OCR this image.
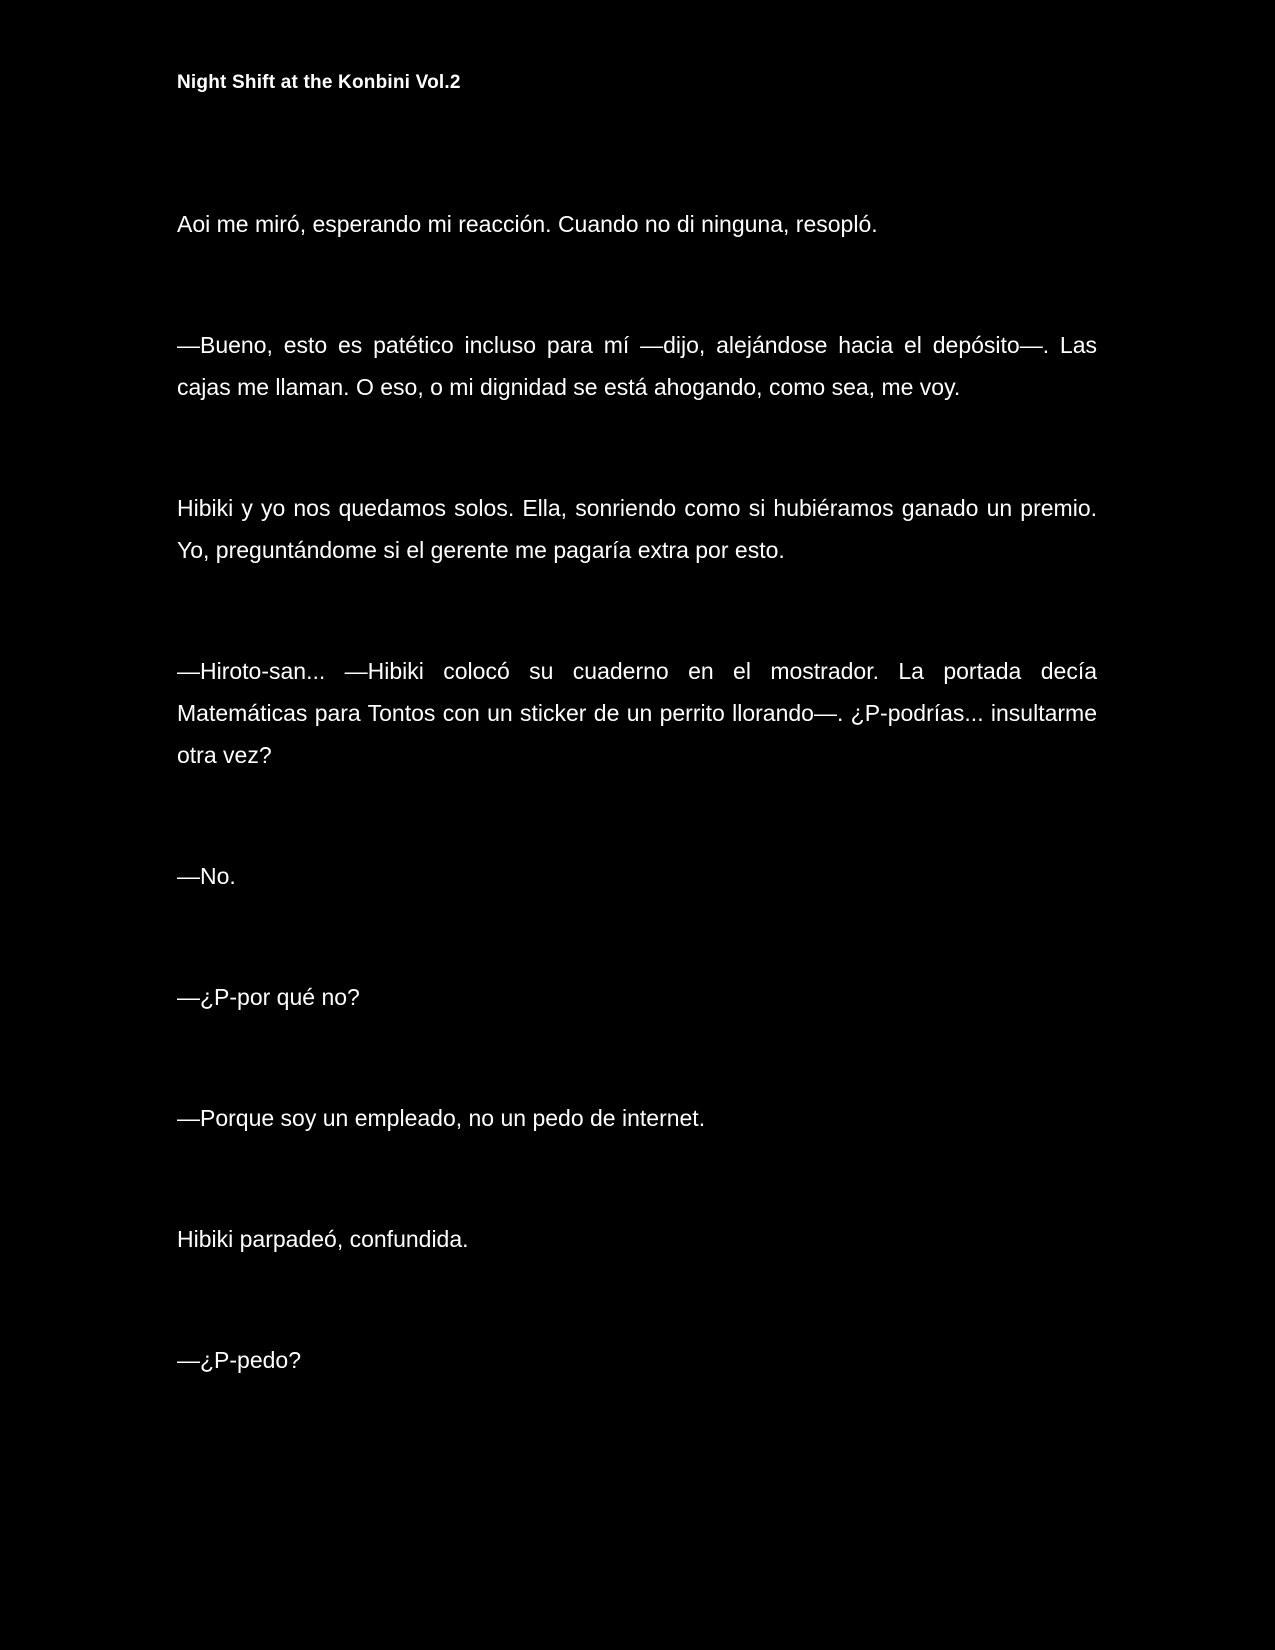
Night Shift at the Konbini Vol.2

Aoi me miró, esperando mi reacción. Cuando no di ninguna, resopló.

—Bueno, esto es patético incluso para mí —dijo, alejándose hacia el depósito—. Las cajas me llaman. O eso, o mi dignidad se está ahogando, como sea, me voy.

Hibiki y yo nos quedamos solos. Ella, sonriendo como si hubiéramos ganado un premio. Yo, preguntándome si el gerente me pagaría extra por esto.

—Hiroto-san... —Hibiki colocó su cuaderno en el mostrador. La portada decía Matemáticas para Tontos con un sticker de un perrito llorando—. ¿P-podrías... insultarme otra vez?

—No.

—¿P-por qué no?

—Porque soy un empleado, no un pedo de internet.

Hibiki parpadeó, confundida.

—¿P-pedo?
